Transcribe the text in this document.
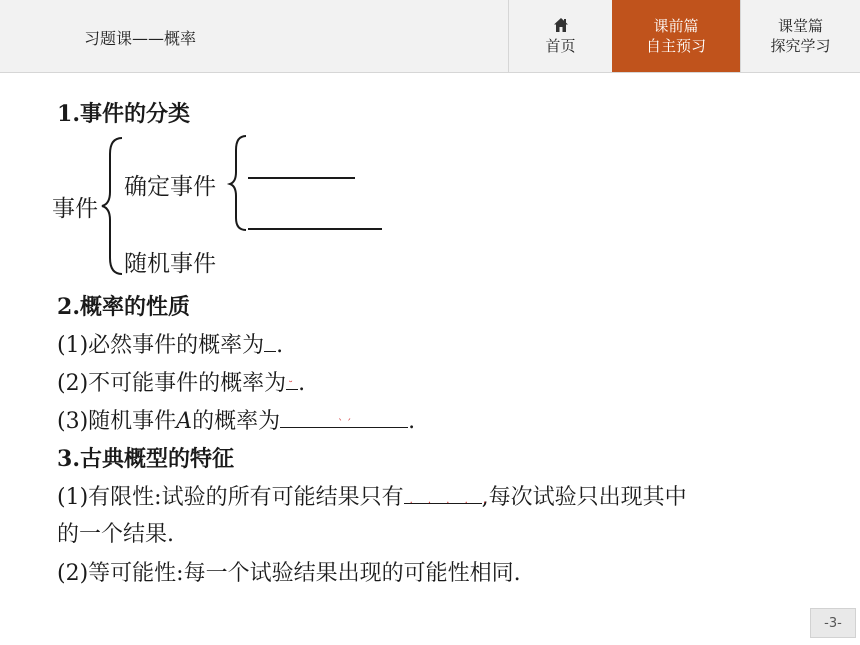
习题课——概率	首页
课前篇
自主预习
课堂篇
探究学习
1.事件的分类
事件
确定事件
随机事件
2.概率的性质
(1)必然事件的概率为 .
(2)不可能事件的概率为 ˘ .
(3)随机事件A的概率为	ˋ ˊ	.
3.古典概型的特征
(1)有限性:试验的所有可能结果只有 . . . . .
,每次试验只出现其中
的一个结果.
(2)等可能性:每一个试验结果出现的可能性相同.
-3-
